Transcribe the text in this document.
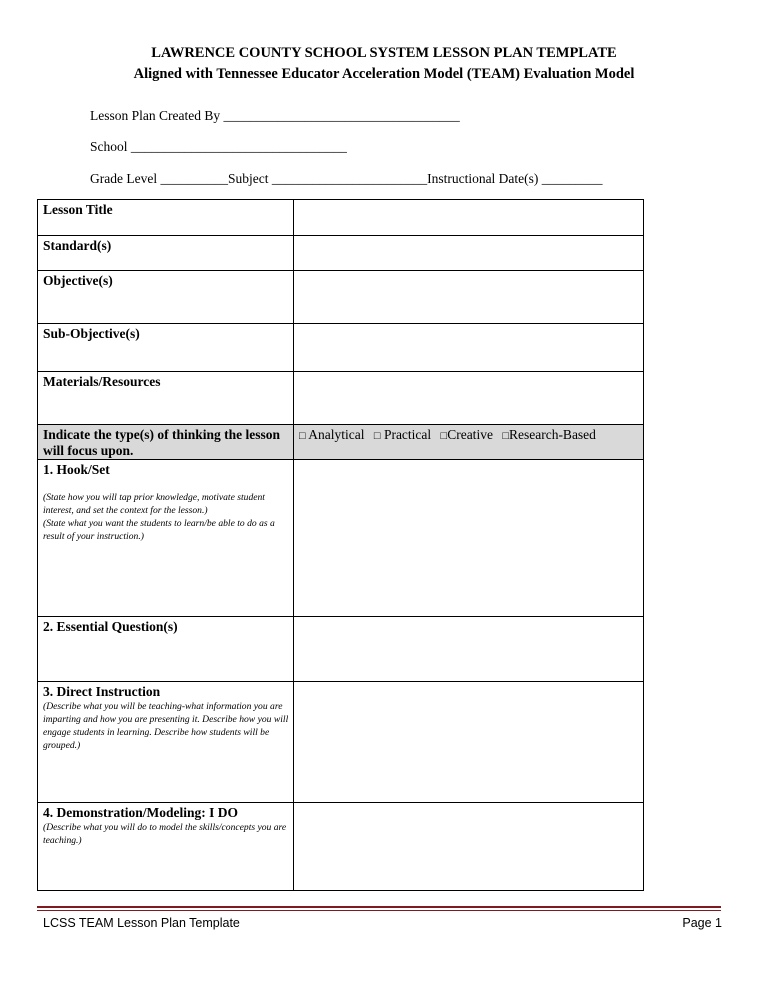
LAWRENCE COUNTY SCHOOL SYSTEM LESSON PLAN TEMPLATE
Aligned with Tennessee Educator Acceleration Model (TEAM) Evaluation Model
Lesson Plan Created By ___________________________________
School ________________________________
Grade Level __________Subject _______________________Instructional Date(s) _________
Lesson Title	
Standard(s)	
Objective(s)	
Sub-Objective(s)	
Materials/Resources	
Indicate the type(s) of thinking the lesson will focus upon.	□ Analytical □ Practical □Creative □Research-Based
1. Hook/Set
(State how you will tap prior knowledge, motivate student interest, and set the context for the lesson.)
(State what you want the students to learn/be able to do as a result of your instruction.)	

2. Essential Question(s)	
3. Direct Instruction
(Describe what you will be teaching-what information you are imparting and how you are presenting it. Describe how you will engage students in learning. Describe how students will be grouped.)	

4. Demonstration/Modeling: I DO
(Describe what you will do to model the skills/concepts you are teaching.)	

LCSS TEAM Lesson Plan Template	Page 1
